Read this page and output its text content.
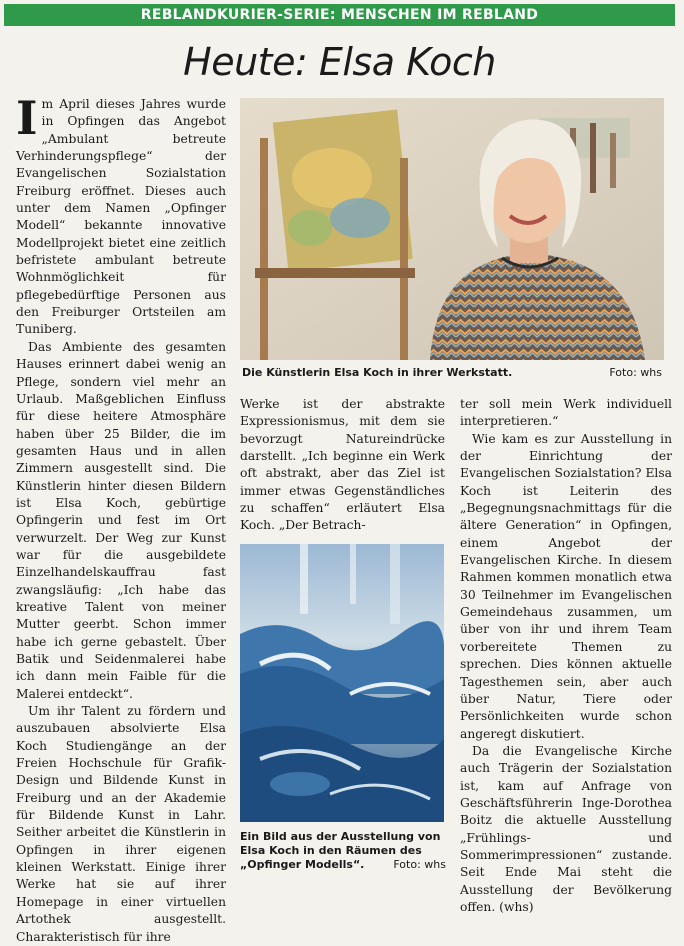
REBLANDKURIER-SERIE: MENSCHEN IM REBLAND
Heute: Elsa Koch

Im April dieses Jahres wurde in Opfingen das Angebot „Ambulant betreute Verhinderungspflege“ der Evangelischen Sozialstation Freiburg eröffnet. Dieses auch unter dem Namen „Opfinger Modell“ bekannte innovative Modellprojekt bietet eine zeitlich befristete ambulant betreute Wohnmöglichkeit für pflegebedürftige Personen aus den Freiburger Ortsteilen am Tuniberg.

Das Ambiente des gesamten Hauses erinnert dabei wenig an Pflege, sondern viel mehr an Urlaub. Maßgeblichen Einfluss für diese heitere Atmosphäre haben über 25 Bilder, die im gesamten Haus und in allen Zimmern ausgestellt sind. Die Künstlerin hinter diesen Bildern ist Elsa Koch, gebürtige Opfingerin und fest im Ort verwurzelt. Der Weg zur Kunst war für die ausgebildete Einzelhandelskauffrau fast zwangsläufig: „Ich habe das kreative Talent von meiner Mutter geerbt. Schon immer habe ich gerne gebastelt. Über Batik und Seidenmalerei habe ich dann mein Faible für die Malerei entdeckt“.

Um ihr Talent zu fördern und auszubauen absolvierte Elsa Koch Studiengänge an der Freien Hochschule für Grafik-Design und Bildende Kunst in Freiburg und an der Akademie für Bildende Kunst in Lahr. Seither arbeitet die Künstlerin in Opfingen in ihrer eigenen kleinen Werkstatt. Einige ihrer Werke hat sie auf ihrer Homepage in einer virtuellen Artothek ausgestellt. Charakteristisch für ihre

Die Künstlerin Elsa Koch in ihrer Werkstatt.	Foto: whs

Werke ist der abstrakte Expressionismus, mit dem sie bevorzugt Natureindrücke darstellt. „Ich beginne ein Werk oft abstrakt, aber das Ziel ist immer etwas Gegenständliches zu schaffen“ erläutert Elsa Koch. „Der Betrach-

Ein Bild aus der Ausstellung von Elsa Koch in den Räumen des „Opfinger Modells“.	Foto: whs

ter soll mein Werk individuell interpretieren.“

Wie kam es zur Ausstellung in der Einrichtung der Evangelischen Sozialstation? Elsa Koch ist Leiterin des „Begegnungsnachmittags für die ältere Generation“ in Opfingen, einem Angebot der Evangelischen Kirche. In diesem Rahmen kommen monatlich etwa 30 Teilnehmer im Evangelischen Gemeindehaus zusammen, um über von ihr und ihrem Team vorbereitete Themen zu sprechen. Dies können aktuelle Tagesthemen sein, aber auch über Natur, Tiere oder Persönlichkeiten wurde schon angeregt diskutiert.

Da die Evangelische Kirche auch Trägerin der Sozialstation ist, kam auf Anfrage von Geschäftsführerin Inge-Dorothea Boitz die aktuelle Ausstellung „Frühlings- und Sommerimpressionen“ zustande. Seit Ende Mai steht die Ausstellung der Bevölkerung offen. (whs)
